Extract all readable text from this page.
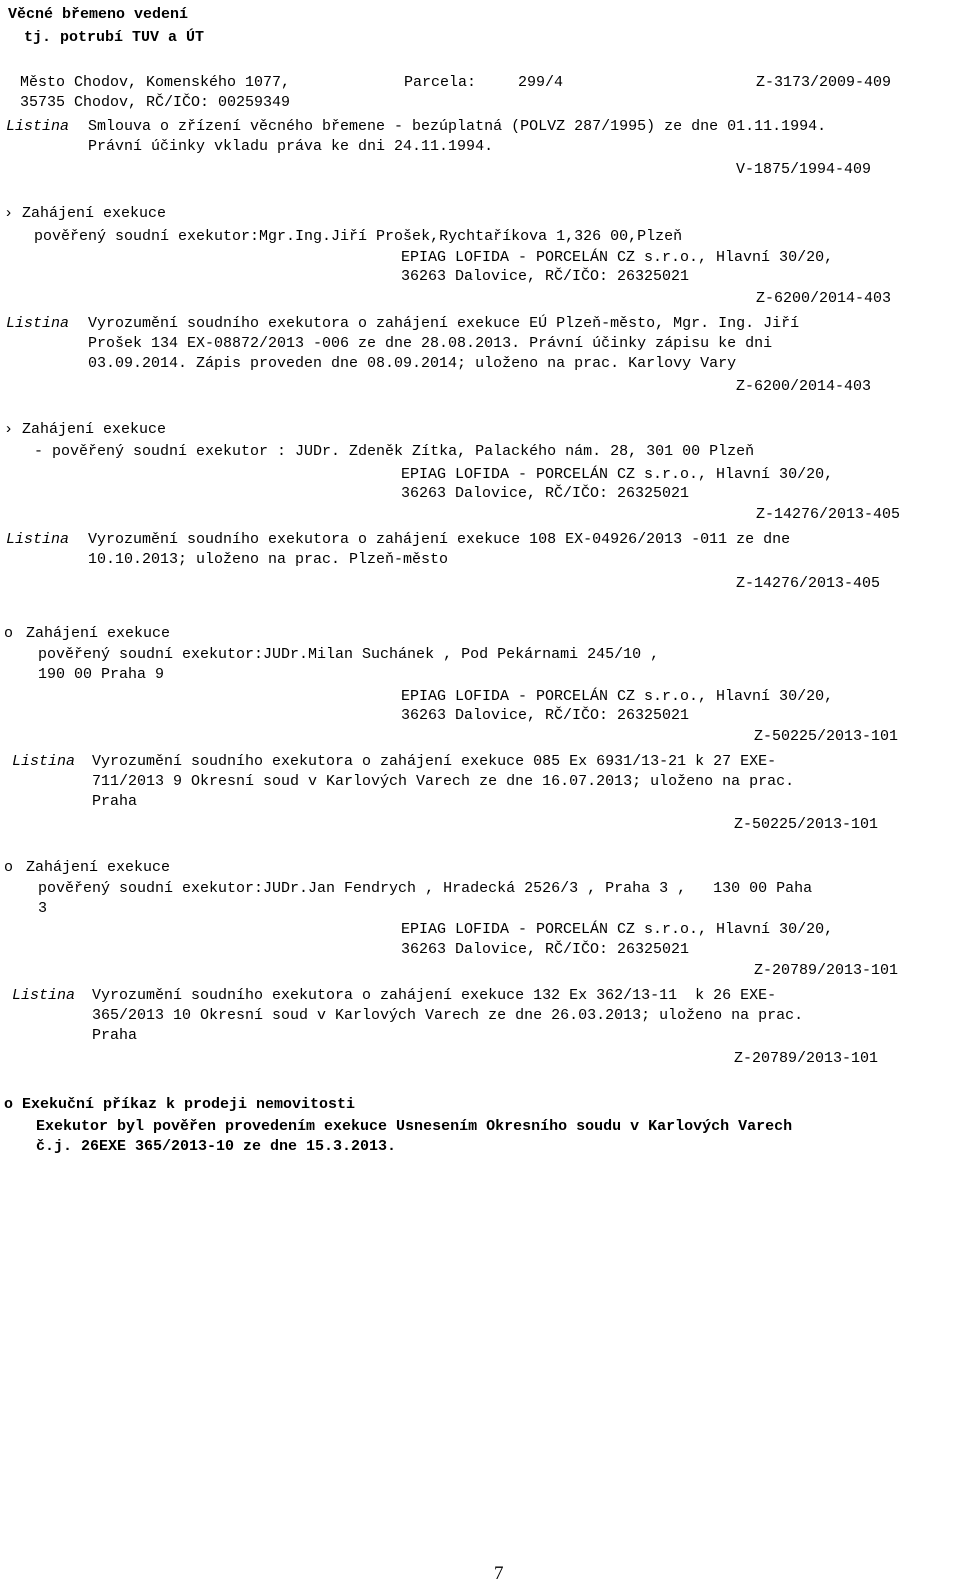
Věcné břemeno vedení
tj. potrubí TUV a ÚT
Město Chodov, Komenského 1077,	Parcela:	299/4	Z-3173/2009-409
35735 Chodov, RČ/IČO: 00259349
Listina Smlouva o zřízení věcného břemene - bezúplatná (POLVZ 287/1995) ze dne 01.11.1994.
Právní účinky vkladu práva ke dni 24.11.1994.
V-1875/1994-409
› Zahájení exekuce
pověřený soudní exekutor:Mgr.Ing.Jiří Prošek,Rychtaříkova 1,326 00,Plzeň
EPIAG LOFIDA - PORCELÁN CZ s.r.o., Hlavní 30/20,
36263 Dalovice, RČ/IČO: 26325021
Z-6200/2014-403
Listina Vyrozumění soudního exekutora o zahájení exekuce EÚ Plzeň-město, Mgr. Ing. Jiří
Prošek 134 EX-08872/2013 -006 ze dne 28.08.2013. Právní účinky zápisu ke dni
03.09.2014. Zápis proveden dne 08.09.2014; uloženo na prac. Karlovy Vary
Z-6200/2014-403
› Zahájení exekuce
- pověřený soudní exekutor : JUDr. Zdeněk Zítka, Palackého nám. 28, 301 00 Plzeň
EPIAG LOFIDA - PORCELÁN CZ s.r.o., Hlavní 30/20,
36263 Dalovice, RČ/IČO: 26325021
Z-14276/2013-405
Listina Vyrozumění soudního exekutora o zahájení exekuce 108 EX-04926/2013 -011 ze dne
10.10.2013; uloženo na prac. Plzeň-město
Z-14276/2013-405
o Zahájení exekuce
pověřený soudní exekutor:JUDr.Milan Suchánek , Pod Pekárnami 245/10 ,
190 00 Praha 9
EPIAG LOFIDA - PORCELÁN CZ s.r.o., Hlavní 30/20,
36263 Dalovice, RČ/IČO: 26325021
Z-50225/2013-101
Listina Vyrozumění soudního exekutora o zahájení exekuce 085 Ex 6931/13-21 k 27 EXE-
711/2013 9 Okresní soud v Karlových Varech ze dne 16.07.2013; uloženo na prac.
Praha
Z-50225/2013-101
o Zahájení exekuce
pověřený soudní exekutor:JUDr.Jan Fendrych , Hradecká 2526/3 , Praha 3 ,   130 00 Paha
3
EPIAG LOFIDA - PORCELÁN CZ s.r.o., Hlavní 30/20,
36263 Dalovice, RČ/IČO: 26325021
Z-20789/2013-101
Listina Vyrozumění soudního exekutora o zahájení exekuce 132 Ex 362/13-11  k 26 EXE-
365/2013 10 Okresní soud v Karlových Varech ze dne 26.03.2013; uloženo na prac.
Praha
Z-20789/2013-101
o Exekuční příkaz k prodeji nemovitosti
Exekutor byl pověřen provedením exekuce Usnesením Okresního soudu v Karlových Varech
č.j. 26EXE 365/2013-10 ze dne 15.3.2013.
7
